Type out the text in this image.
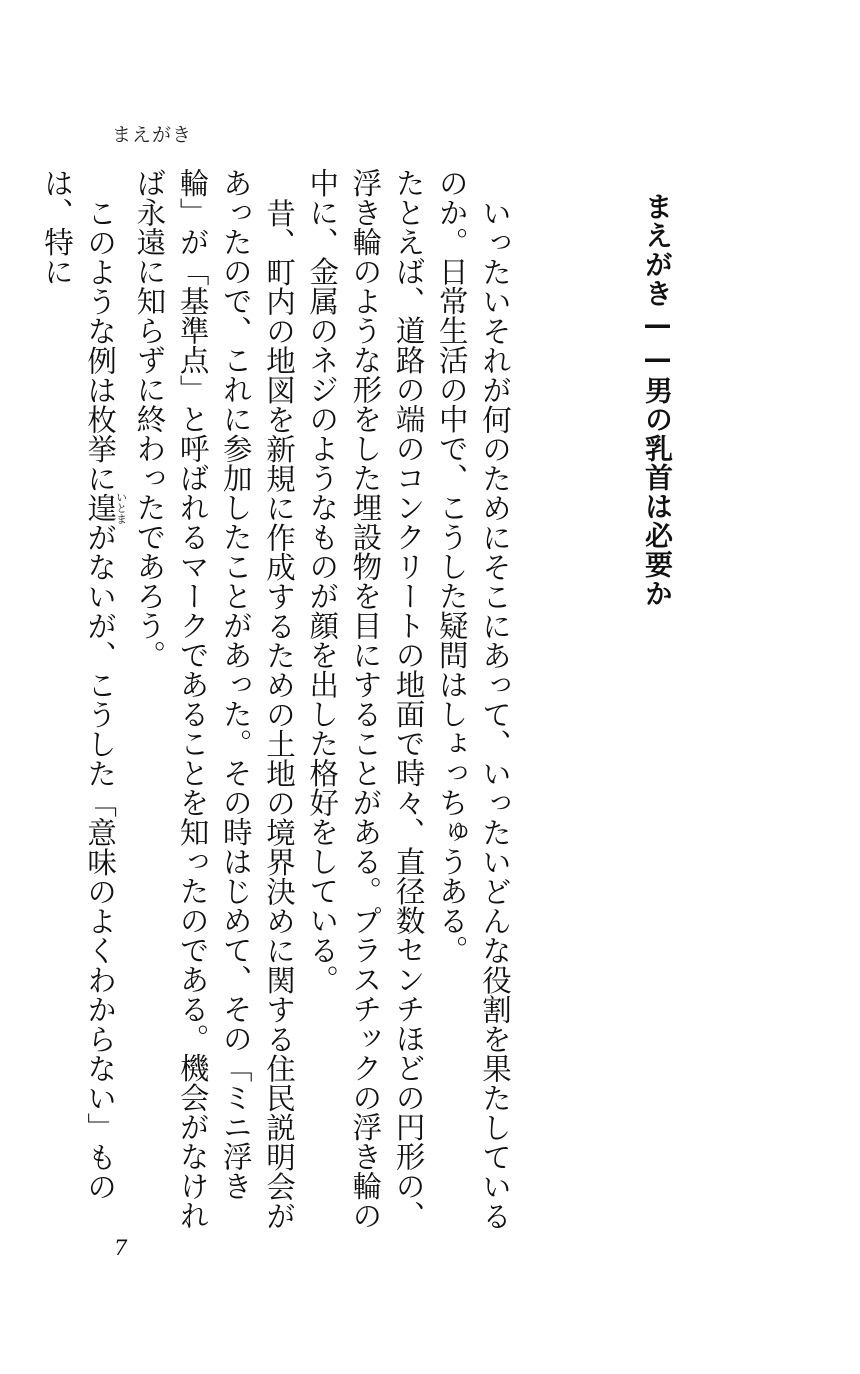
まえがき
まえがき——男の乳首は必要か

いったいそれが何のためにそこにあって、いったいどんな役割を果たしているのか。日常生活の中で、こうした疑問はしょっちゅうある。

たとえば、道路の端のコンクリートの地面で時々、直径数センチほどの円形の、浮き輪のような形をした埋設物を目にすることがある。プラスチックの浮き輪の中に、金属のネジのようなものが顔を出した格好をしている。

昔、町内の地図を新規に作成するための土地の境界決めに関する住民説明会があったので、これに参加したことがあった。その時はじめて、その「ミニ浮き輪」が「基準点」と呼ばれるマークであることを知ったのである。機会がなければ永遠に知らずに終わったであろう。

このような例は枚挙に遑いとまがないが、こうした「意味のよくわからない」ものは、特に

7
